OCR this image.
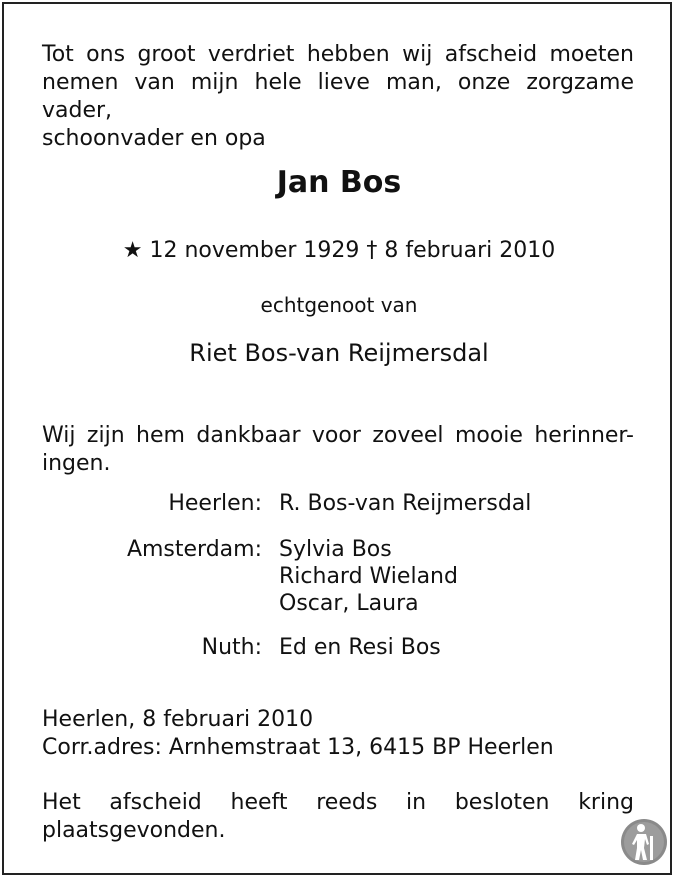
Tot ons groot verdriet hebben wij afscheid moeten
nemen van mijn hele lieve man, onze zorgzame vader,
schoonvader en opa
Jan Bos
★ 12 november 1929 † 8 februari 2010
echtgenoot van
Riet Bos-van Reijmersdal
Wij zijn hem dankbaar voor zoveel mooie herinner-
ingen.
Heerlen: R. Bos-van Reijmersdal
Amsterdam: Sylvia Bos
Richard Wieland
Oscar, Laura
Nuth: Ed en Resi Bos
Heerlen, 8 februari 2010
Corr.adres: Arnhemstraat 13, 6415 BP Heerlen
Het afscheid heeft reeds in besloten kring
plaatsgevonden.
